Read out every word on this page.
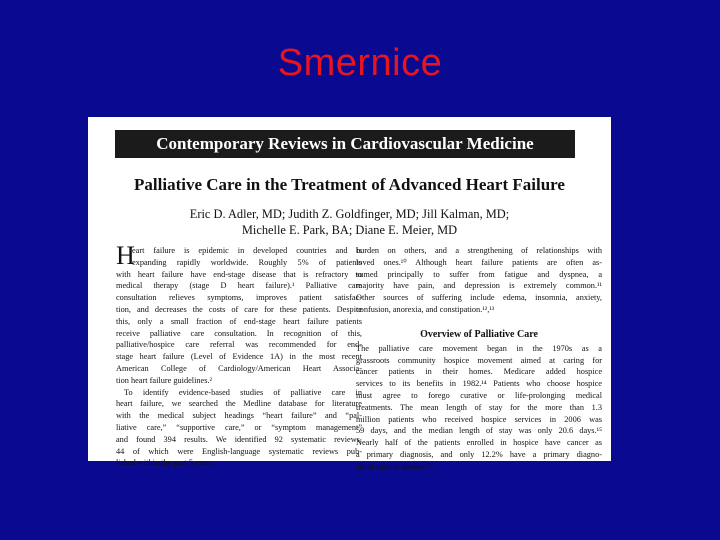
Smernice
Contemporary Reviews in Cardiovascular Medicine
Palliative Care in the Treatment of Advanced Heart Failure
Eric D. Adler, MD; Judith Z. Goldfinger, MD; Jill Kalman, MD;
Michelle E. Park, BA; Diane E. Meier, MD
H
eart failure is epidemic in developed countries and is
expanding rapidly worldwide. Roughly 5% of patients
with heart failure have end-stage disease that is refractory to
medical therapy (stage D heart failure).¹ Palliative care
consultation relieves symptoms, improves patient satisfac-
tion, and decreases the costs of care for these patients. Despite
this, only a small fraction of end-stage heart failure patients
receive palliative care consultation. In recognition of this,
palliative/hospice care referral was recommended for end-
stage heart failure (Level of Evidence 1A) in the most recent
American College of Cardiology/American Heart Associa-
tion heart failure guidelines.²
To identify evidence-based studies of palliative care in
heart failure, we searched the Medline database for literature
with the medical subject headings “heart failure” and “pal-
liative care,” “supportive care,” or “symptom management”
and found 394 results. We identified 92 systematic reviews,
44 of which were English-language systematic reviews pub-
lished within the past 5 years.
burden on others, and a strengthening of relationships with
loved ones.¹⁰ Although heart failure patients are often as-
sumed principally to suffer from fatigue and dyspnea, a
majority have pain, and depression is extremely common.¹¹
Other sources of suffering include edema, insomnia, anxiety,
confusion, anorexia, and constipation.¹²,¹³
Overview of Palliative Care
The palliative care movement began in the 1970s as a
grassroots community hospice movement aimed at caring for
cancer patients in their homes. Medicare added hospice
services to its benefits in 1982.¹⁴ Patients who choose hospice
must agree to forego curative or life-prolonging medical
treatments. The mean length of stay for the more than 1.3
million patients who received hospice services in 2006 was
59 days, and the median length of stay was only 20.6 days.¹⁵
Nearly half of the patients enrolled in hospice have cancer as
a primary diagnosis, and only 12.2% have a primary diagno-
sis of cardiac disease.¹⁶
